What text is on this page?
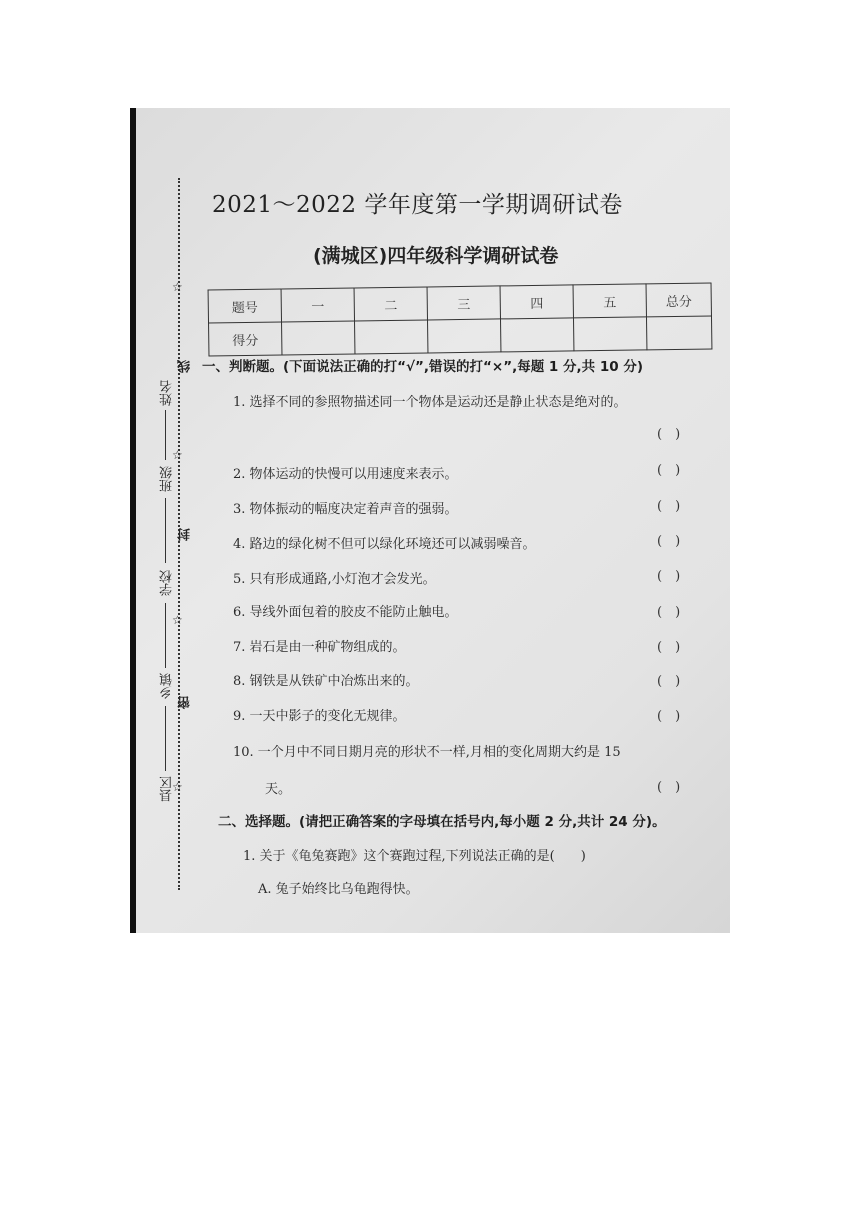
☆
☆
☆
☆
姓名
班级
学校
乡镇
县区
线
封
密
2021～2022 学年度第一学期调研试卷
(满城区)四年级科学调研试卷
题号	一	二	三	四	五	总分
得分						
一、判断题。(下面说法正确的打“√”,错误的打“×”,每题 1 分,共 10 分)
1. 选择不同的参照物描述同一个物体是运动还是静止状态是绝对的。
(　)
2. 物体运动的快慢可以用速度来表示。	(　)
3. 物体振动的幅度决定着声音的强弱。	(　)
4. 路边的绿化树不但可以绿化环境还可以减弱噪音。	(　)
5. 只有形成通路,小灯泡才会发光。	(　)
6. 导线外面包着的胶皮不能防止触电。	(　)
7. 岩石是由一种矿物组成的。	(　)
8. 钢铁是从铁矿中冶炼出来的。	(　)
9. 一天中影子的变化无规律。	(　)
10. 一个月中不同日期月亮的形状不一样,月相的变化周期大约是 15
天。	(　)
二、选择题。(请把正确答案的字母填在括号内,每小题 2 分,共计 24 分)。
1. 关于《龟兔赛跑》这个赛跑过程,下列说法正确的是(　　)
A. 兔子始终比乌龟跑得快。
